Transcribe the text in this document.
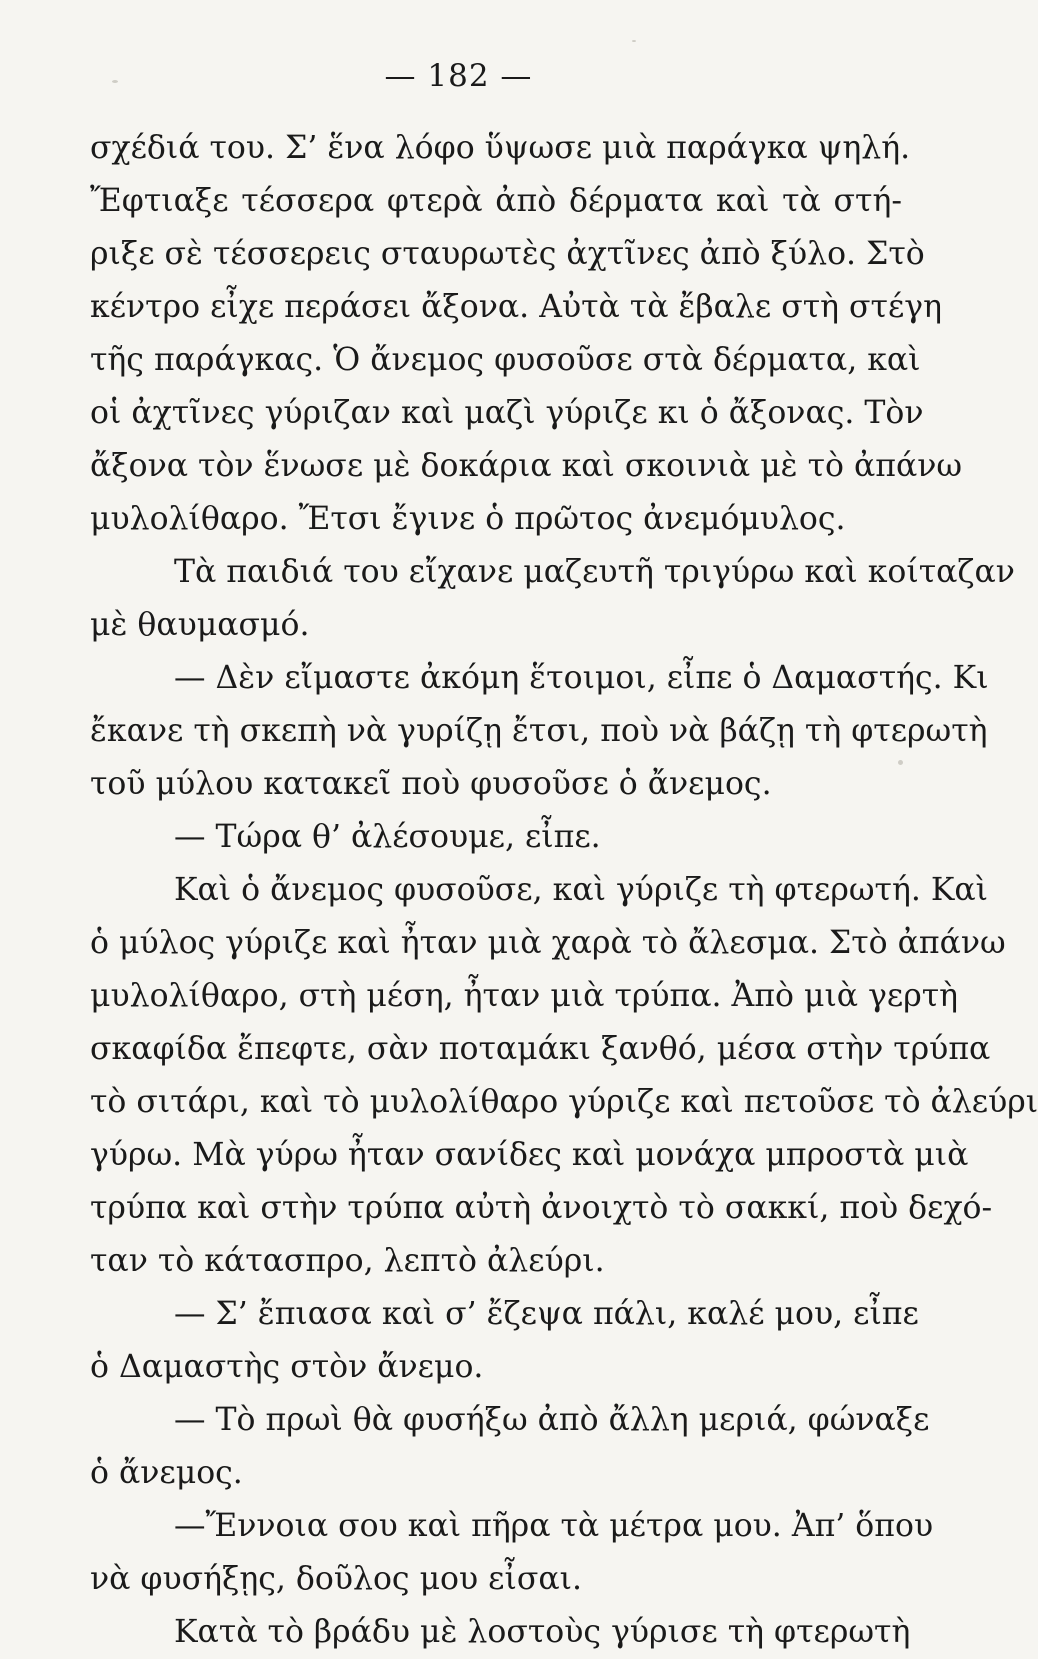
— 182 —
σχέδιά του. Σ’ ἕνα λόφο ὕψωσε μιὰ παράγκα ψηλή.
Ἔφτιαξε τέσσερα φτερὰ ἀπὸ δέρματα καὶ τὰ στή-
ριξε σὲ τέσσερεις σταυρωτὲς ἀχτῖνες ἀπὸ ξύλο. Στὸ
κέντρο εἶχε περάσει ἄξονα. Αὐτὰ τὰ ἔβαλε στὴ στέγη
τῆς παράγκας. Ὁ ἄνεμος φυσοῦσε στὰ δέρματα, καὶ
οἱ ἀχτῖνες γύριζαν καὶ μαζὶ γύριζε κι ὁ ἄξονας. Τὸν
ἄξονα τὸν ἕνωσε μὲ δοκάρια καὶ σκοινιὰ μὲ τὸ ἀπάνω
μυλολίθαρο. Ἔτσι ἔγινε ὁ πρῶτος ἀνεμόμυλος.
Τὰ παιδιά του εἴχανε μαζευτῆ τριγύρω καὶ κοίταζαν
μὲ θαυμασμό.
— Δὲν εἴμαστε ἀκόμη ἕτοιμοι, εἶπε ὁ Δαμαστής. Κι
ἔκανε τὴ σκεπὴ νὰ γυρίζῃ ἔτσι, ποὺ νὰ βάζῃ τὴ φτερωτὴ
τοῦ μύλου κατακεῖ ποὺ φυσοῦσε ὁ ἄνεμος.
— Τώρα θ’ ἀλέσουμε, εἶπε.
Καὶ ὁ ἄνεμος φυσοῦσε, καὶ γύριζε τὴ φτερωτή. Καὶ
ὁ μύλος γύριζε καὶ ἦταν μιὰ χαρὰ τὸ ἄλεσμα. Στὸ ἀπάνω
μυλολίθαρο, στὴ μέση, ἦταν μιὰ τρύπα. Ἀπὸ μιὰ γερτὴ
σκαφίδα ἔπεφτε, σὰν ποταμάκι ξανθό, μέσα στὴν τρύπα
τὸ σιτάρι, καὶ τὸ μυλολίθαρο γύριζε καὶ πετοῦσε τὸ ἀλεύρι
γύρω. Μὰ γύρω ἦταν σανίδες καὶ μονάχα μπροστὰ μιὰ
τρύπα καὶ στὴν τρύπα αὐτὴ ἀνοιχτὸ τὸ σακκί, ποὺ δεχό-
ταν τὸ κάτασπρο, λεπτὸ ἀλεύρι.
— Σ’ ἔπιασα καὶ σ’ ἔζεψα πάλι, καλέ μου, εἶπε
ὁ Δαμαστὴς στὸν ἄνεμο.
— Τὸ πρωὶ θὰ φυσήξω ἀπὸ ἄλλη μεριά, φώναξε
ὁ ἄνεμος.
—Ἔννοια σου καὶ πῆρα τὰ μέτρα μου. Ἀπ’ ὅπου
νὰ φυσήξῃς, δοῦλος μου εἶσαι.
Κατὰ τὸ βράδυ μὲ λοστοὺς γύρισε τὴ φτερωτὴ
